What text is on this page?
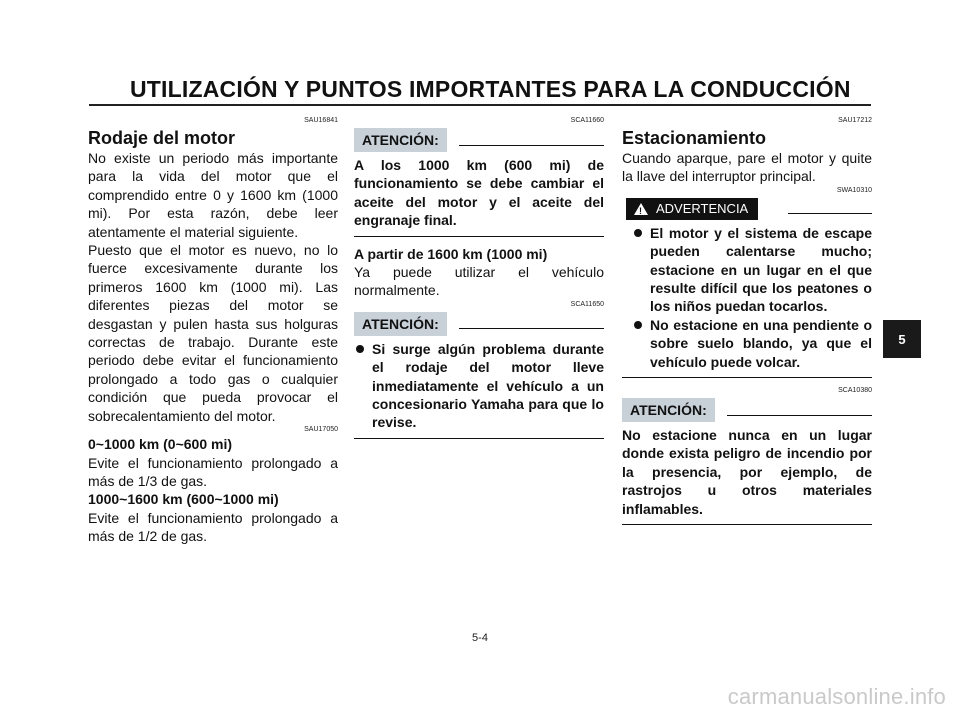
UTILIZACIÓN Y PUNTOS IMPORTANTES PARA LA CONDUCCIÓN
5
SAU16841
Rodaje del motor

No existe un periodo más importante para la vida del motor que el comprendido entre 0 y 1600 km (1000 mi). Por esta razón, debe leer atentamente el material siguiente.

Puesto que el motor es nuevo, no lo fuerce excesivamente durante los primeros 1600 km (1000 mi). Las diferentes piezas del motor se desgastan y pulen hasta sus holguras correctas de trabajo. Durante este periodo debe evitar el funcionamiento prolongado a todo gas o cualquier condición que pueda provocar el sobrecalentamiento del motor.

SAU17050

0~1000 km (0~600 mi)

Evite el funcionamiento prolongado a más de 1/3 de gas.

1000~1600 km (600~1000 mi)

Evite el funcionamiento prolongado a más de 1/2 de gas.

SCA11660
ATENCIÓN:

A los 1000 km (600 mi) de funcionamiento se debe cambiar el aceite del motor y el aceite del engranaje final.

A partir de 1600 km (1000 mi)

Ya puede utilizar el vehículo normalmente.

SCA11650
ATENCIÓN:
Si surge algún problema durante el rodaje del motor lleve inmediatamente el vehículo a un concesionario Yamaha para que lo revise.
SAU17212
Estacionamiento

Cuando aparque, pare el motor y quite la llave del interruptor principal.

SWA10310
! ADVERTENCIA
El motor y el sistema de escape pueden calentarse mucho; estacione en un lugar en el que resulte difícil que los peatones o los niños puedan tocarlos.
No estacione en una pendiente o sobre suelo blando, ya que el vehículo puede volcar.
SCA10380
ATENCIÓN:

No estacione nunca en un lugar donde exista peligro de incendio por la presencia, por ejemplo, de rastrojos u otros materiales inflamables.

5-4
carmanualsonline.info
